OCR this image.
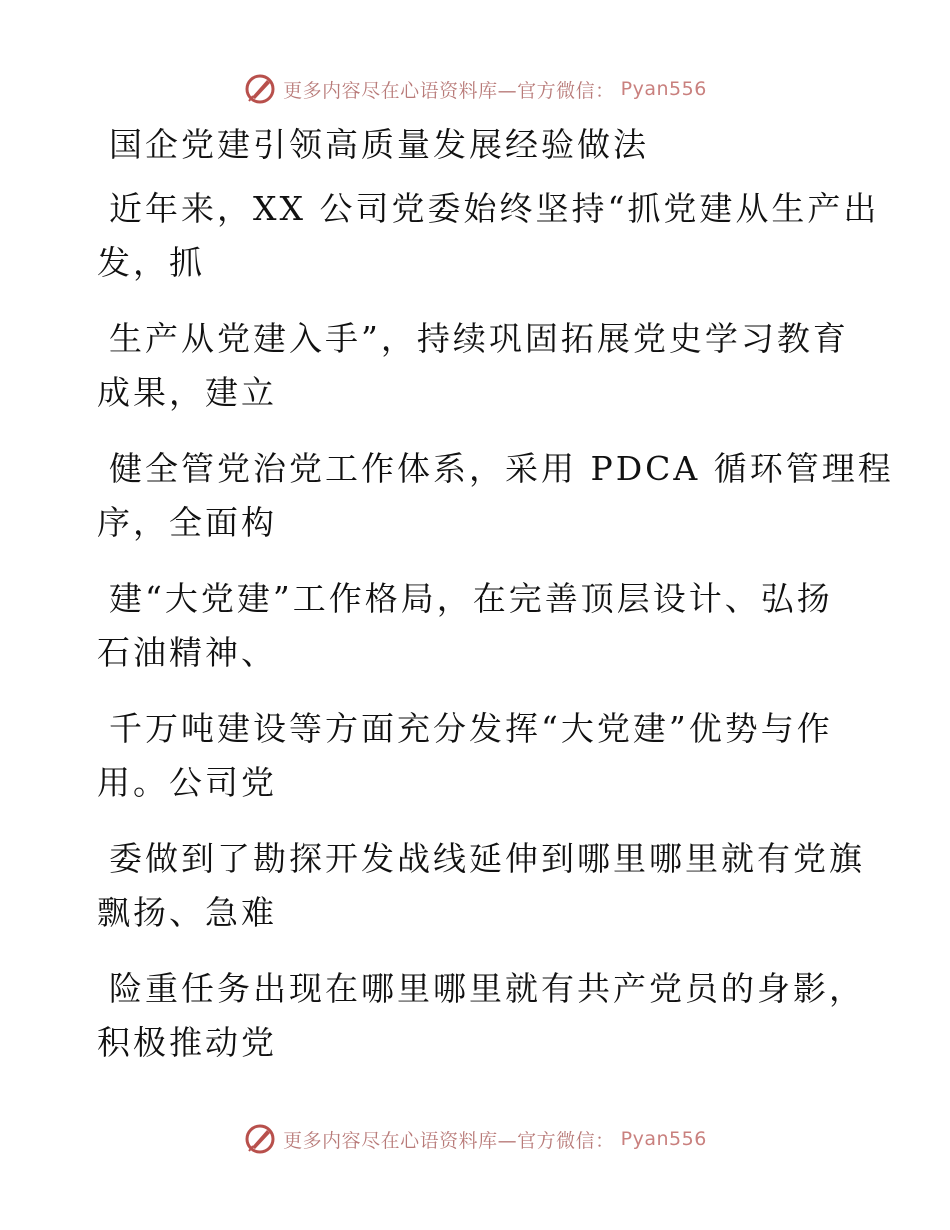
更多内容尽在心语资料库—官方微信： Pyan556

国企党建引领高质量发展经验做法

近年来，XX 公司党委始终坚持“抓党建从生产出

发，抓

生产从党建入手”，持续巩固拓展党史学习教育

成果，建立

健全管党治党工作体系，采用 PDCA 循环管理程

序，全面构

建“大党建”工作格局，在完善顶层设计、弘扬

石油精神、

千万吨建设等方面充分发挥“大党建”优势与作

用。公司党

委做到了勘探开发战线延伸到哪里哪里就有党旗

飘扬、急难

险重任务出现在哪里哪里就有共产党员的身影，

积极推动党

更多内容尽在心语资料库—官方微信： Pyan556
